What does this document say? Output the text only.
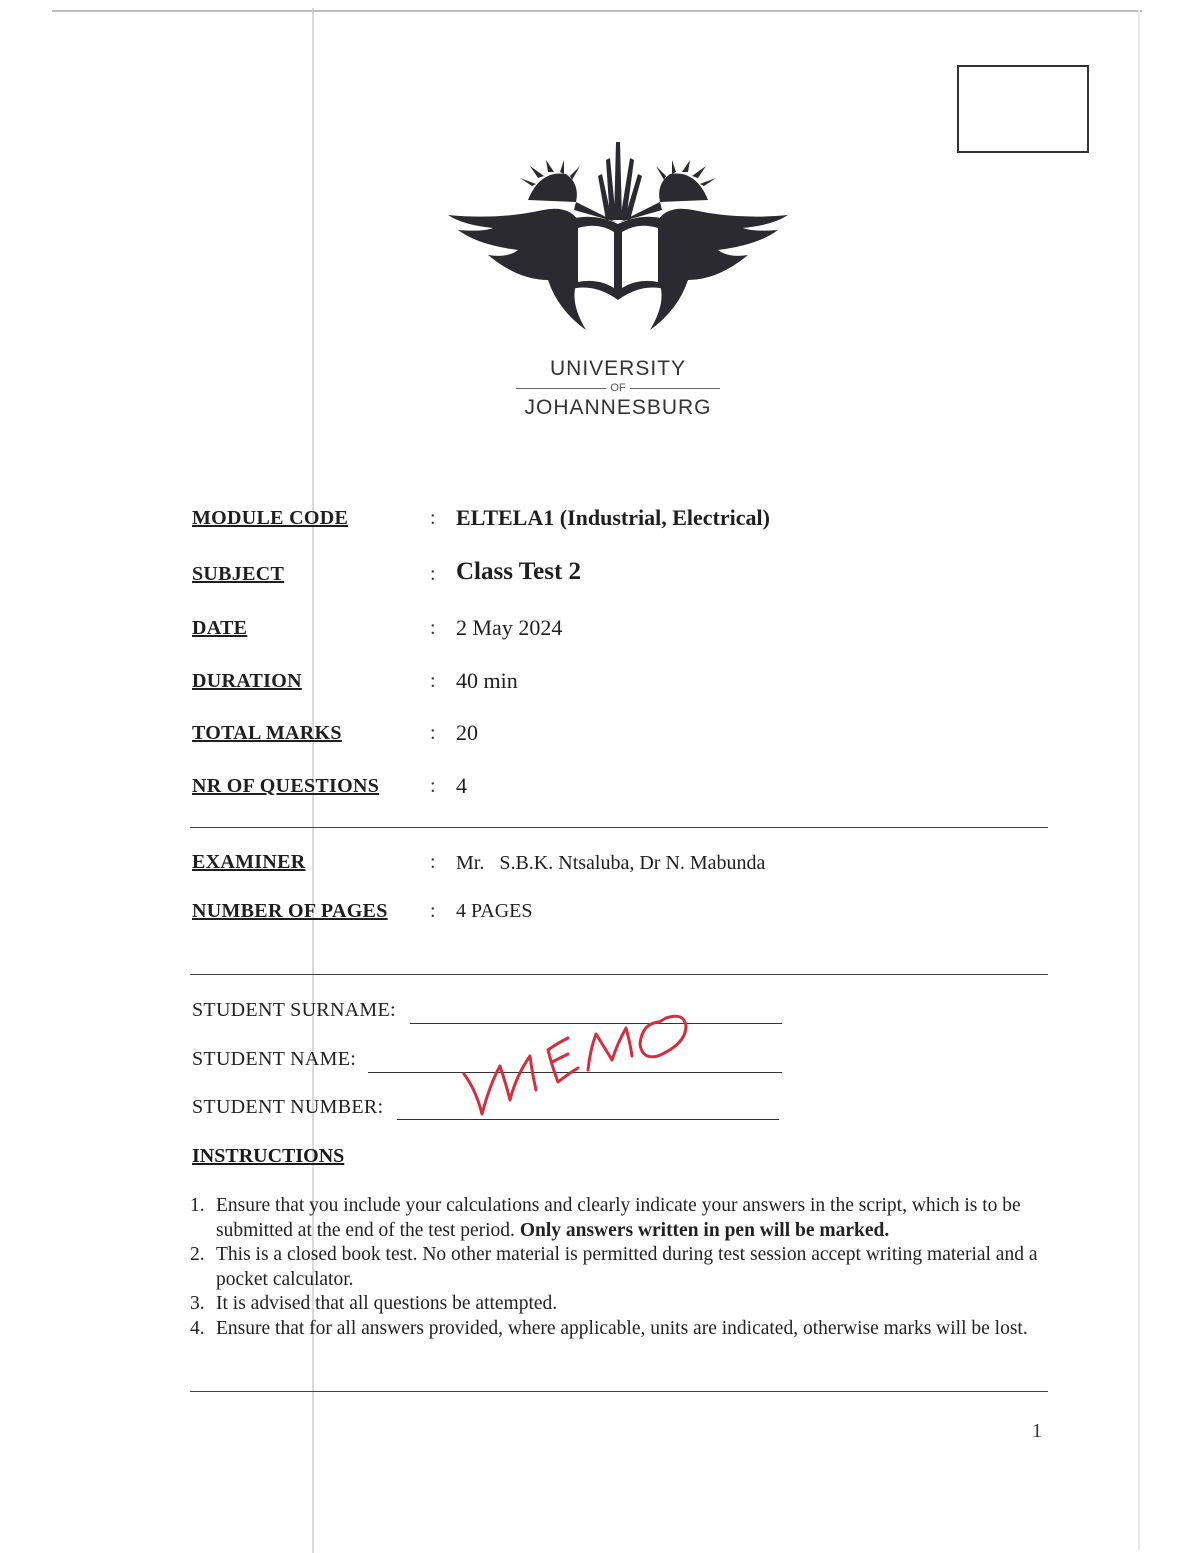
UNIVERSITY
OF
JOHANNESBURG
MODULE CODE	: ELTELA1 (Industrial, Electrical)
SUBJECT	: Class Test 2
DATE	: 2 May 2024
DURATION	: 40 min
TOTAL MARKS	: 20
NR OF QUESTIONS	: 4
EXAMINER	: Mr.   S.B.K. Ntsaluba, Dr N. Mabunda
NUMBER OF PAGES : 4 PAGES
STUDENT SURNAME:
STUDENT NAME:
STUDENT NUMBER:
INSTRUCTIONS
1. Ensure that you include your calculations and clearly indicate your answers in the script, which is to be submitted at the end of the test period. Only answers written in pen will be marked.
2. This is a closed book test. No other material is permitted during test session accept writing material and a pocket calculator.
3. It is advised that all questions be attempted.
4. Ensure that for all answers provided, where applicable, units are indicated, otherwise marks will be lost.
1
